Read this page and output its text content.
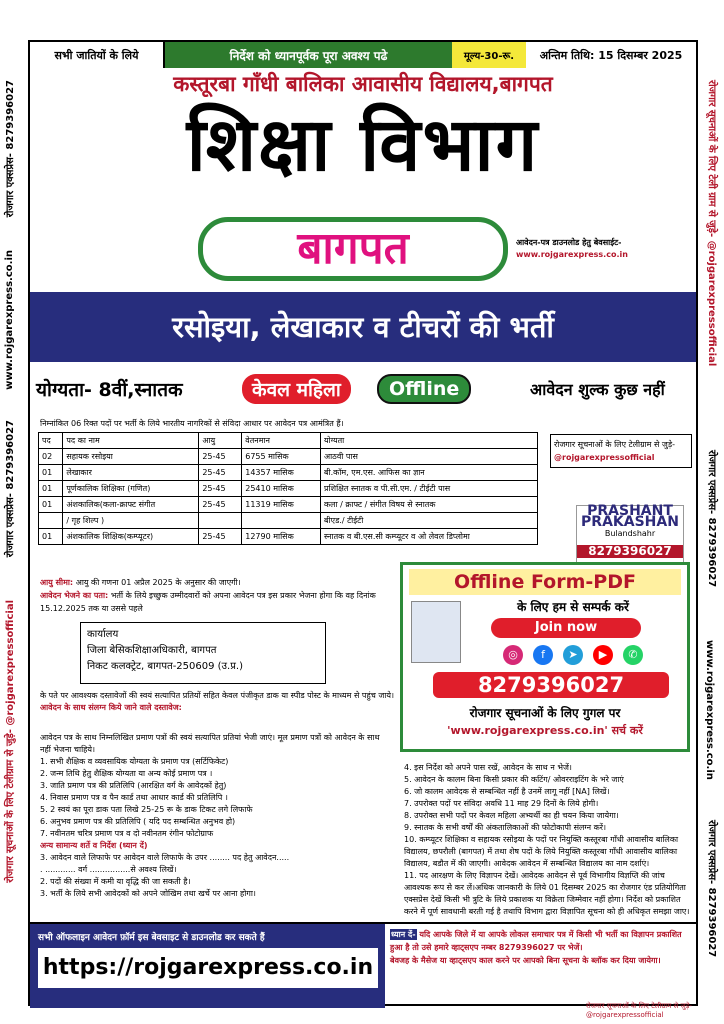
रोजगार एक्सप्रेस- 8279396027
www.rojgarexpress.co.in
रोजगार एक्सप्रेस- 8279396027
रोजगार सूचनाओं के लिए टेलीग्राम से जुड़े- @rojgarexpressofficial
रोजगार सूचनाओं के लिए टेली ग्राम से जुड़े- @rojgarexpressofficial
रोजगार एक्सप्रेस- 8279396027
www.rojgarexpress.co.in
रोजगार एक्सप्रेस- 8279396027
सभी जातियों के लिये	निर्देश को ध्यानपूर्वक पूरा अवश्य पढे	मूल्य-30-रू.	अन्तिम तिथि: 15 दिसम्बर 2025
कस्तूरबा गाँधी बालिका आवासीय विद्यालय,बागपत
शिक्षा विभाग
बागपत	आवेदन-पत्र डाउनलोड हेतु बेवसाईट-
www.rojgarexpress.co.in
रसोइया, लेखाकार व टीचरों की भर्ती
योग्यता- 8वीं,स्नातक	केवल महिला	Offline	आवेदन शुल्क कुछ नहीं
निम्नांकित 06 रिक्त पदों पर भर्ती के लिये भारतीय नागरिकों से संविदा आधार पर आवेदन पत्र आमंत्रित हैं।
पद	पद का नाम	आयु	वेतनमान	योग्यता
02	सहायक रसोइया	25-45	6755 मासिक	आठवी पास
01	लेखाकार	25-45	14357 मासिक	बी.कॉम, एम.एस. आफिस का ज्ञान
01	पूर्णकालिक शिक्षिका (गणित)	25-45	25410 मासिक	प्रशिक्षित स्नातक व पी.सी.एम. / टीईटी पास
01	अंशकालिक(कला-क्राफ्ट संगीत	25-45	11319 मासिक	कला / क्राफ्ट / संगीत विषय से स्नातक
	/ गृह शिल्प )			बीएड./ टीईटी
01	अंशकालिक शिक्षिक(कम्प्यूटर)	25-45	12790 मासिक	स्नातक व बी.एस.सी कम्प्यूटर व ओ लेवल डिप्लोमा
रोजगार सूचनाओं के लिए टेलीग्राम से जुड़े- @rojgarexpressofficial
PRASHANT PRAKASHAN
Bulandshahr
8279396027
आयु सीमा: आयु की गणना 01 अप्रैल 2025 के अनुसार की जाएगी।
आवेदन भेजने का पता: भर्ती के लिये इच्छुक उम्मीदवारों को अपना आवेदन पत्र इस प्रकार भेजना होगा कि वह दिनांक 15.12.2025 तक या उससे पहले
कार्यालय
जिला बेसिकशिक्षाअधिकारी, बागपत
निकट कलक्ट्रेट, बागपत-250609 (उ.प्र.)
के पते पर आवश्यक दस्तावेजों की स्वयं सत्यापित प्रतियों सहित केवल पंजीकृत डाक या स्पीड पोस्ट के माध्यम से पहुंच जाये।
आवेदन के साथ संलग्न किये जाने वाले दस्तावेज:
Offline Form-PDF
के लिए हम से सम्पर्क करें
Join now
◎	f	➤	▶	✆
8279396027
रोजगार सूचनाओं के लिए गुगल पर
'www.rojgarexpress.co.in' सर्च करें
आवेदन पत्र के साथ निम्नलिखित प्रमाण पत्रों की स्वयं सत्यापित प्रतियां भेजी जाएं। मूल प्रमाण पत्रों को आवेदन के साथ नहीं भेजना चाहिये।
1. सभी शैक्षिक व व्यवसायिक योग्यता के प्रमाण पत्र (सर्टिफिकेट)
2. जन्म तिथि हेतु शैक्षिक योग्यता या अन्य कोई प्रमाण पत्र ।
3. जाति प्रमाण पत्र की प्रतिलिपि (आरक्षित वर्ग के आवेदकों हेतु)
4. निवास प्रमाण पत्र व पैन कार्ड तथा आधार कार्ड की प्रतिलिपि ।
5. 2 स्वयं का पूरा डाक पता लिखे 25-25 रू के डाक टिकट लगे लिफाफे
6. अनुभव प्रमाण पत्र की प्रतिलिपि ( यदि पद सम्बन्धित अनुभव हो)
7. नवीनतम चरित्र प्रमाण पत्र व दो नवीनतम रंगीन फोटोग्राफ
अन्य सामान्य शर्ते व निर्देश (ध्यान दें)
3. आवेदन वाले लिफाफे पर आवेदन वाले लिफाफे के उपर ........ पद हेतु आवेदन.....
. ............ वर्ग ................से अवश्य लिखें।
2. पदों की संख्या में कमी या वृद्धि की जा सकती है।
3. भर्ती के लिये सभी आवेदकों को अपने जोखिम तथा खर्चे पर आना होगा।
4. इस निर्देश को अपने पास रखें, आवेदन के साथ न भेजें।
5. आवेदन के कालम बिना किसी प्रकार की कटिंग/ ओवरराइटिंग के भरे जाएं
6. जो कालम आवेदक से सम्बन्धित नहीं है उनमें लागू नहीं [NA] लिखें।
7. उपरोक्त पदों पर संविदा अवधि 11 माह 29 दिनों के लिये होगी।
8. उपरोक्त सभी पदों पर केवल महिला अभ्यर्थी का ही चयन किया जायेगा।
9. स्नातक के सभी वर्षों की अंकतालिकाओं की फोटोकापी संलग्न करें।
10. कम्प्यूटर शिक्षिका व सहायक रसोइया के पदों पर नियुक्ति कस्तूरबा गाँधी आवासीय बालिका विद्यालय, छपरौली (बागपत) में तथा शेष पदों के लिये नियुक्ति कस्तूरबा गाँधी आवासीय बालिका विद्यालय, बडौत में की जाएगी। आवेदक आवेदन में सम्बन्धित विद्यालय का नाम दर्शाएं।
11. पद आरक्षण के लिए विज्ञापन देखें। आवेदक आवेदन से पूर्व विभागीय विज्ञप्ति की जांच आवश्यक रूप से कर लें।अधिक जानकारी के लिये 01 दिसम्बर 2025 का रोजगार एंड प्रतियोगिता एक्सप्रेस देखें किसी भी त्रुटि के लिये प्रकाशक या विक्रेता जिम्मेवार नहीं होगा। निर्देश को प्रकाशित करने में पूर्ण सावधानी बरती गई है तथापि विभाग द्वारा विज्ञापित सूचना को ही अधिकृत समझा जाए।
सभी ऑफलाइन आवेदन फ़ॉर्म इस बेवसाइट से डाउनलोड कर सकते हैं
https://rojgarexpress.co.in
ध्यान दें- यदि आपके जिले में या आपके लोकल समाचार पत्र में किसी भी भर्ती का विज्ञापन प्रकाशित हुआ है तो उसे हमारे व्हाट्सएप नम्बर 8279396027 पर भेजें।
बेवजह के मैसेज या व्हाट्सएप काल करने पर आपको बिना सूचना के ब्लॉक कर दिया जायेगा।
रोजगार सूचनाओं के लिए टेलीग्राम से जुड़े- @rojgarexpressofficial
